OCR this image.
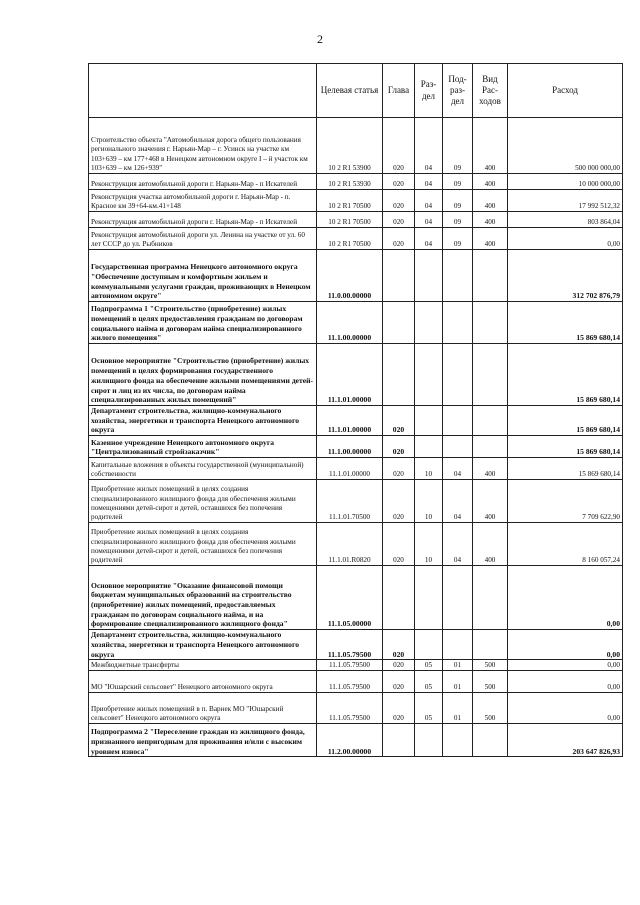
2
	Целевая статья	Глава	Раз-дел	Под-раз-дел	Вид Рас-ходов	Расход
Строительство объекта "Автомобильная дорога общего пользования регионального значения г. Нарьян-Мар – г. Усинск на участке км 103+639 – км 177+468 в Ненецком автономном округе I – й участок км 103+639 – км 126+939"	10 2 R1 53900	020	04	09	400	500 000 000,00
Реконструкция автомобильной дороги г. Нарьян-Мар - п Искателей	10 2 R1 53930	020	04	09	400	10 000 000,00
Реконструкция участка автомобильной дороги г. Нарьян-Мар - п. Красное км 39+64-км.41+148	10 2 R1 70500	020	04	09	400	17 992 512,32
Реконструкция автомобильной дороги г. Нарьян-Мар - п Искателей	10 2 R1 70500	020	04	09	400	803 864,04
Реконструкция автомобильной дороги ул. Ленина на участке от ул. 60 лет СССР до ул. Рыбников	10 2 R1 70500	020	04	09	400	0,00
Государственная программа Ненецкого автономного округа "Обеспечение доступным и комфортным жильем и коммунальными услугами граждан, проживающих в Ненецком автономном округе"	11.0.00.00000					312 702 876,79
Подпрограмма 1 "Строительство (приобретение) жилых помещений в целях предоставления гражданам по договорам социального найма и договорам найма специализированного жилого помещения"	11.1.00.00000					15 869 680,14
Основное мероприятие "Строительство (приобретение) жилых помещений в целях формирования государственного жилищного фонда на обеспечение жилыми помещениями детей-сирот и лиц из их числа, по договорам найма специализированных жилых помещений"	11.1.01.00000					15 869 680,14
Департамент строительства, жилищно-коммунального хозяйства, энергетики и транспорта Ненецкого автономного округа	11.1.01.00000	020				15 869 680,14
Казенное учреждение Ненецкого автономного округа "Централизованный стройзаказчик"	11.1.00.00000	020				15 869 680,14
Капитальные вложения в объекты государственной (муниципальной) собственности	11.1.01.00000	020	10	04	400	15 869 680,14
Приобретение жилых помещений в целях создания специализированного жилищного фонда для обеспечения жилыми помещениями детей-сирот и детей, оставшихся без попечения родителей	11.1.01.70500	020	10	04	400	7 709 622,90
Приобретение жилых помещений в целях создания специализированного жилищного фонда для обеспечения жилыми помещениями детей-сирот и детей, оставшихся без попечения родителей	11.1.01.R0820	020	10	04	400	8 160 057,24
Основное мероприятие "Оказание финансовой помощи бюджетам муниципальных образований на строительство (приобретение) жилых помещений, предоставляемых гражданам по договорам социального найма, и на формирование специализированного жилищного фонда"	11.1.05.00000					0,00
Департамент строительства, жилищно-коммунального хозяйства, энергетики и транспорта Ненецкого автономного округа	11.1.05.79500	020				0,00
Межбюджетные трансферты	11.1.05.79500	020	05	01	500	0,00
МО "Юшарский сельсовет" Ненецкого автономного округа	11.1.05.79500	020	05	01	500	0,00
Приобретение жилых помещений в п. Варнек МО "Юшарский сельсовет" Ненецкого автономного округа	11.1.05.79500	020	05	01	500	0,00
Подпрограмма 2 "Переселение граждан из жилищного фонда, признанного непригодным для проживания и/или с высоким уровнем износа"	11.2.00.00000					203 647 826,93
